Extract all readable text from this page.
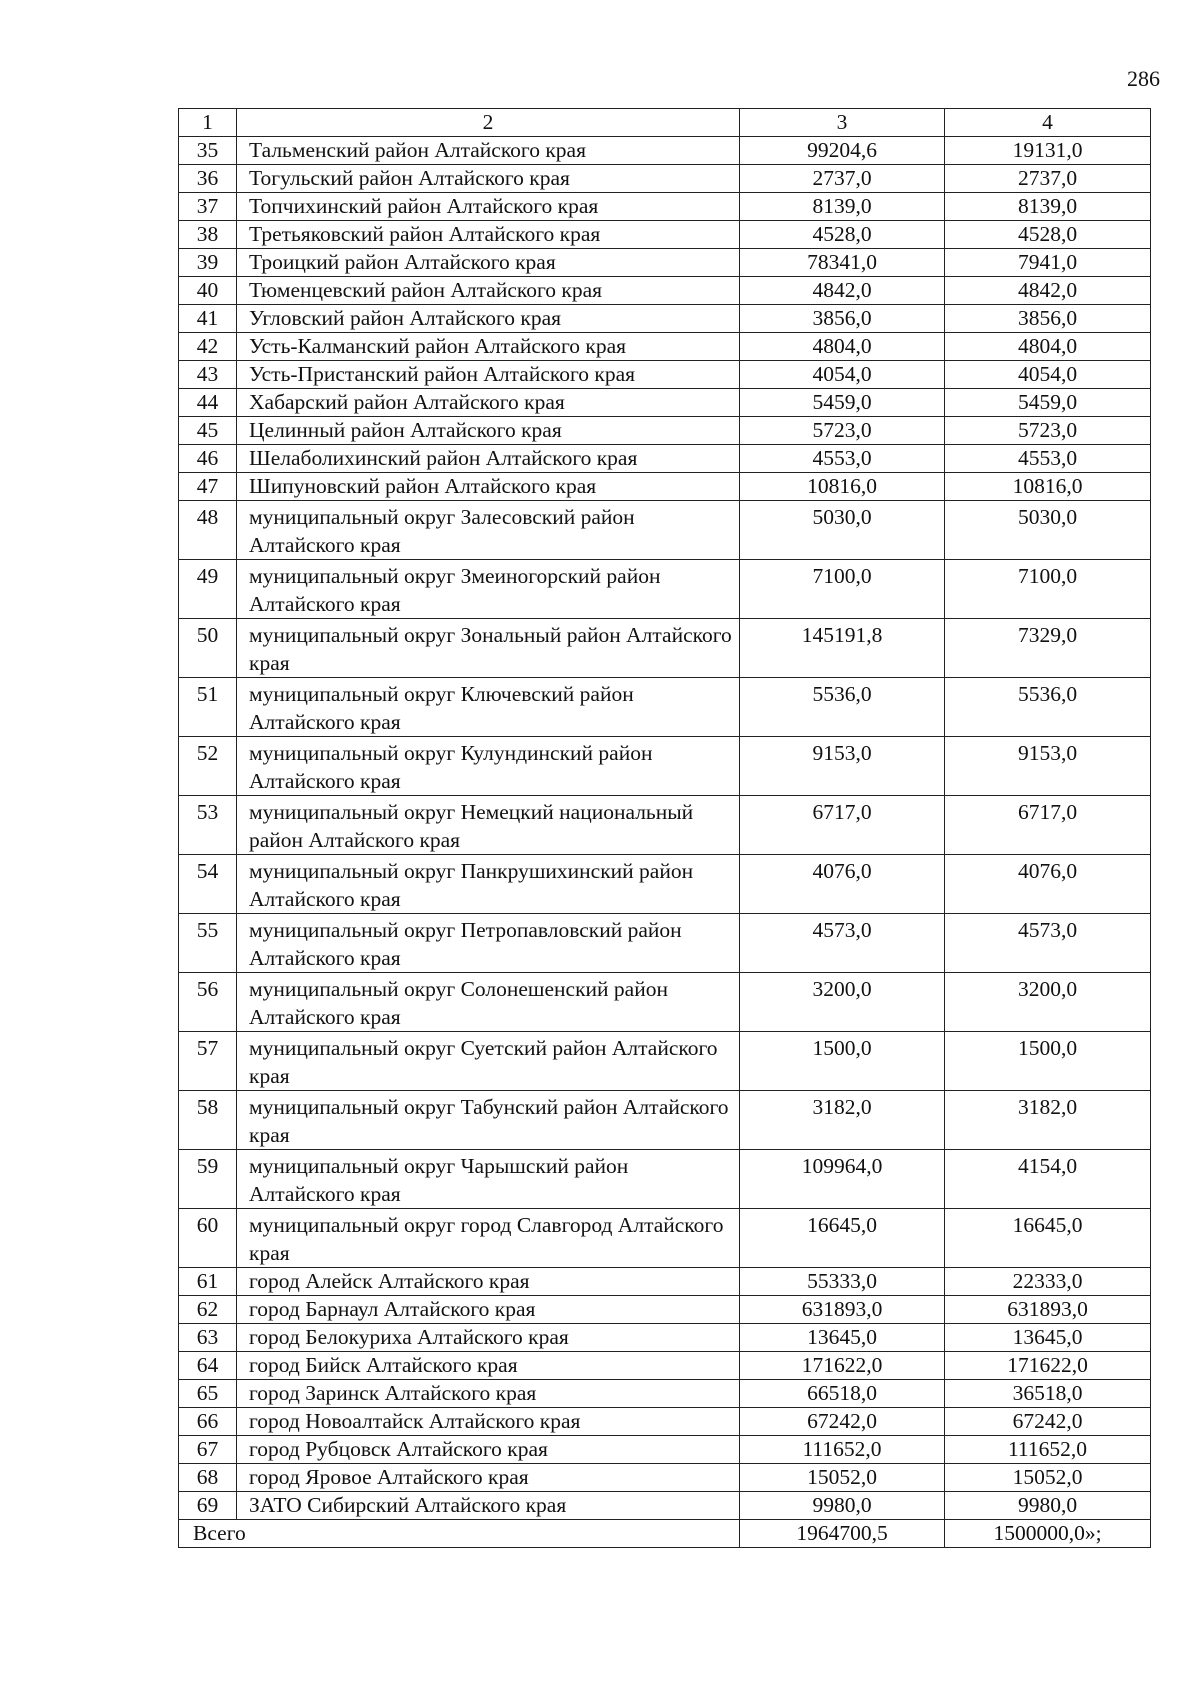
286
1	2	3	4
35	Тальменский район Алтайского края	99204,6	19131,0
36	Тогульский район Алтайского края	2737,0	2737,0
37	Топчихинский район Алтайского края	8139,0	8139,0
38	Третьяковский район Алтайского края	4528,0	4528,0
39	Троицкий район Алтайского края	78341,0	7941,0
40	Тюменцевский район Алтайского края	4842,0	4842,0
41	Угловский район Алтайского края	3856,0	3856,0
42	Усть-Калманский район Алтайского края	4804,0	4804,0
43	Усть-Пристанский район Алтайского края	4054,0	4054,0
44	Хабарский район Алтайского края	5459,0	5459,0
45	Целинный район Алтайского края	5723,0	5723,0
46	Шелаболихинский район Алтайского края	4553,0	4553,0
47	Шипуновский район Алтайского края	10816,0	10816,0
48	муниципальный округ Залесовский район Алтайского края	5030,0	5030,0
49	муниципальный округ Змеиногорский район Алтайского края	7100,0	7100,0
50	муниципальный округ Зональный район Алтайского края	145191,8	7329,0
51	муниципальный округ Ключевский район Алтайского края	5536,0	5536,0
52	муниципальный округ Кулундинский район Алтайского края	9153,0	9153,0
53	муниципальный округ Немецкий национальный район Алтайского края	6717,0	6717,0
54	муниципальный округ Панкрушихинский район Алтайского края	4076,0	4076,0
55	муниципальный округ Петропавловский район Алтайского края	4573,0	4573,0
56	муниципальный округ Солонешенский район Алтайского края	3200,0	3200,0
57	муниципальный округ Суетский район Алтайского края	1500,0	1500,0
58	муниципальный округ Табунский район Алтайского края	3182,0	3182,0
59	муниципальный округ Чарышский район Алтайского края	109964,0	4154,0
60	муниципальный округ город Славгород Алтайского края	16645,0	16645,0
61	город Алейск Алтайского края	55333,0	22333,0
62	город Барнаул Алтайского края	631893,0	631893,0
63	город Белокуриха Алтайского края	13645,0	13645,0
64	город Бийск Алтайского края	171622,0	171622,0
65	город Заринск Алтайского края	66518,0	36518,0
66	город Новоалтайск Алтайского края	67242,0	67242,0
67	город Рубцовск Алтайского края	111652,0	111652,0
68	город Яровое Алтайского края	15052,0	15052,0
69	ЗАТО Сибирский Алтайского края	9980,0	9980,0
Всего		1964700,5	1500000,0»;
